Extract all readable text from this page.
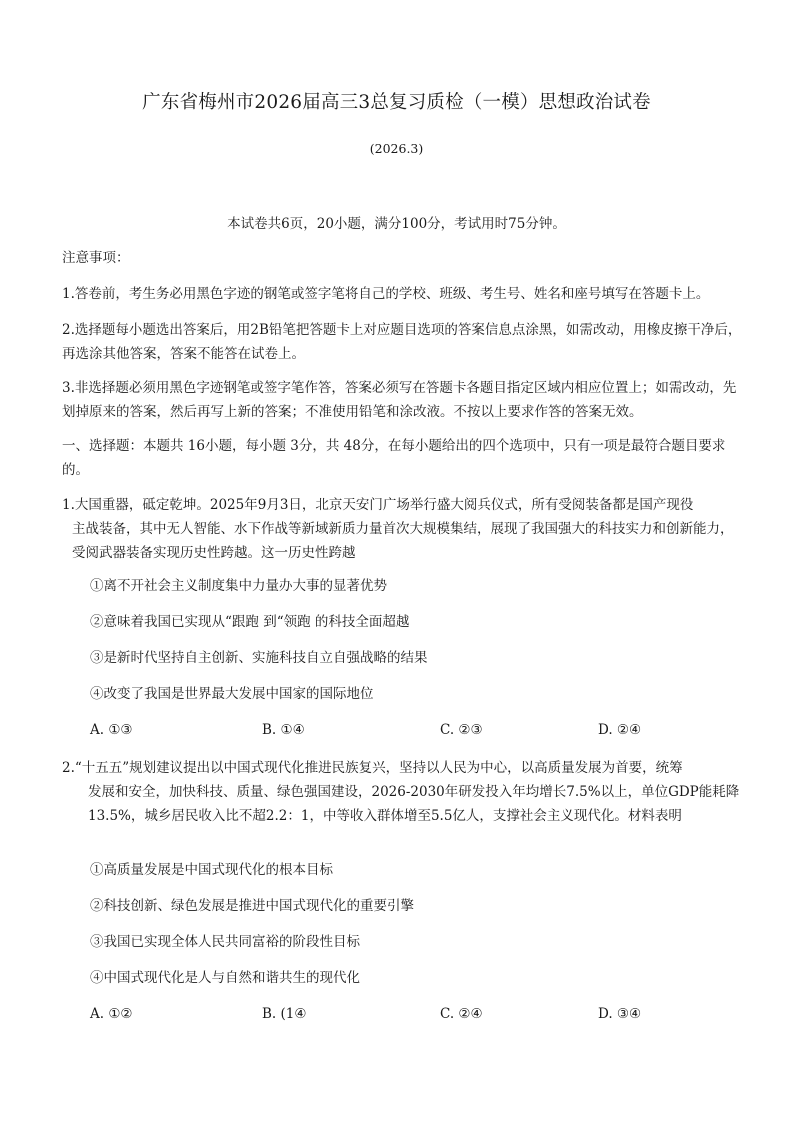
广东省梅州市2026届高三3总复习质检（一模）思想政治试卷
(2026.3)
本试卷共6页，20小题，满分100分，考试用时75分钟。
注意事项：
1.答卷前，考生务必用黑色字迹的钢笔或签字笔将自己的学校、班级、考生号、姓名和座号填写在答题卡上。
2.选择题每小题选出答案后，用2B铅笔把答题卡上对应题目选项的答案信息点涂黑，如需改动，用橡皮擦干净后，再选涂其他答案，答案不能答在试卷上。
3.非选择题必须用黑色字迹钢笔或签字笔作答，答案必须写在答题卡各题目指定区域内相应位置上；如需改动，先划掉原来的答案，然后再写上新的答案；不准使用铅笔和涂改液。不按以上要求作答的答案无效。
一、选择题：本题共 16小题，每小题 3分，共 48分，在每小题给出的四个选项中，只有一项是最符合题目要求的。
1.大国重器，砥定乾坤。2025年9月3日，北京天安门广场举行盛大阅兵仪式，所有受阅装备都是国产现役
主战装备，其中无人智能、水下作战等新域新质力量首次大规模集结，展现了我国强大的科技实力和创新能力，受阅武器装备实现历史性跨越。这一历史性跨越
①离不开社会主义制度集中力量办大事的显著优势
②意味着我国已实现从“跟跑 到“领跑 的科技全面超越
③是新时代坚持自主创新、实施科技自立自强战略的结果
④改变了我国是世界最大发展中国家的国际地位
A. ①③	B. ①④	C. ②③	D. ②④
2.“十五五”规划建议提出以中国式现代化推进民族复兴，坚持以人民为中心，以高质量发展为首要，统筹
发展和安全，加快科技、质量、绿色强国建设，2026-2030年研发投入年均增长7.5%以上，单位GDP能耗降13.5%，城乡居民收入比不超2.2：1，中等收入群体增至5.5亿人，支撑社会主义现代化。材料表明
①高质量发展是中国式现代化的根本目标
②科技创新、绿色发展是推进中国式现代化的重要引擎
③我国已实现全体人民共同富裕的阶段性目标
④中国式现代化是人与自然和谐共生的现代化
A. ①②	B. (1④	C. ②④	D. ③④
